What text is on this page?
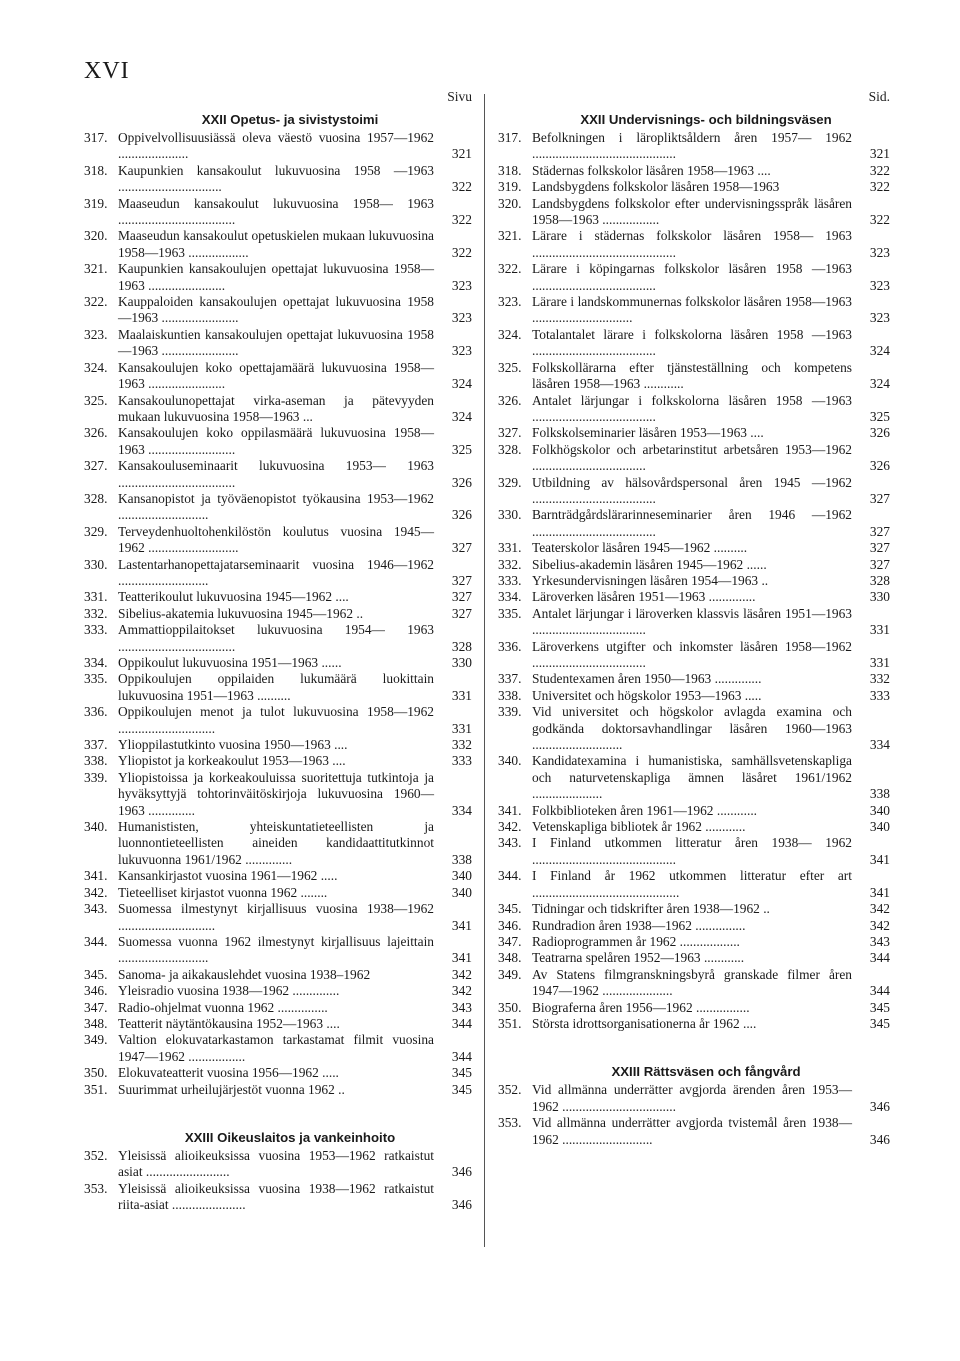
XVI
Sivu
XXII Opetus- ja sivistystoimi
317. Oppivelvollisuusiässä oleva väestö vuosina 1957—1962 .....................	321
318. Kaupunkien kansakoulut lukuvuosina 1958 —1963 ...............................	322
319. Maaseudun kansakoulut lukuvuosina 1958— 1963 ...................................	322
320. Maaseudun kansakoulut opetuskielen mukaan lukuvuosina 1958—1963 ..................	322
321. Kaupunkien kansakoulujen opettajat lukuvuosina 1958—1963 .......................	323
322. Kauppaloiden kansakoulujen opettajat lukuvuosina 1958—1963 .......................	323
323. Maalaiskuntien kansakoulujen opettajat lukuvuosina 1958—1963 .......................	323
324. Kansakoulujen koko opettajamäärä lukuvuosina 1958—1963 .......................	324
325. Kansakoulunopettajat virka-aseman ja pätevyyden mukaan lukuvuosina 1958—1963 ...	324
326. Kansakoulujen koko oppilasmäärä lukuvuosina 1958—1963 ..........................	325
327. Kansakouluseminaarit lukuvuosina 1953— 1963 ...................................	326
328. Kansanopistot ja työväenopistot työkausina 1953—1962 ...........................	326
329. Terveydenhuoltohenkilöstön koulutus vuosina 1945—1962 ...........................	327
330. Lastentarhanopettajatarseminaarit vuosina 1946—1962 ...........................	327
331. Teatterikoulut lukuvuosina 1945—1962 ....	327
332. Sibelius-akatemia lukuvuosina 1945—1962 ..	327
333. Ammattioppilaitokset lukuvuosina 1954— 1963 ...................................	328
334. Oppikoulut lukuvuosina 1951—1963 ......	330
335. Oppikoulujen oppilaiden lukumäärä luokittain lukuvuosina 1951—1963 ..........	331
336. Oppikoulujen menot ja tulot lukuvuosina 1958—1962 .............................	331
337. Ylioppilastutkinto vuosina 1950—1963 ....	332
338. Yliopistot ja korkeakoulut 1953—1963 ....	333
339. Yliopistoissa ja korkeakouluissa suoritettuja tutkintoja ja hyväksyttyjä tohtorinväitöskirjoja lukuvuosina 1960—1963 ..............	334
340. Humanististen, yhteiskuntatieteellisten ja luonnontieteellisten aineiden kandidaattitutkinnot lukuvuonna 1961/1962 ..............	338
341. Kansankirjastot vuosina 1961—1962 .....	340
342. Tieteelliset kirjastot vuonna 1962 ........	340
343. Suomessa ilmestynyt kirjallisuus vuosina 1938—1962 .............................	341
344. Suomessa vuonna 1962 ilmestynyt kirjallisuus lajeittain ...........................	341
345. Sanoma- ja aikakauslehdet vuosina 1938–1962	342
346. Yleisradio vuosina 1938—1962 ..............	342
347. Radio-ohjelmat vuonna 1962 ...............	343
348. Teatterit näytäntökausina 1952—1963 ....	344
349. Valtion elokuvatarkastamon tarkastamat filmit vuosina 1947—1962 .................	344
350. Elokuvateatterit vuosina 1956—1962 .....	345
351. Suurimmat urheilujärjestöt vuonna 1962 ..	345
XXIII Oikeuslaitos ja vankeinhoito
352. Yleisissä alioikeuksissa vuosina 1953—1962 ratkaistut asiat .........................	346
353. Yleisissä alioikeuksissa vuosina 1938—1962 ratkaistut riita-asiat ......................	346
Sid.
XXII Undervisnings- och bildningsväsen
317. Befolkningen i läropliktsåldern åren 1957— 1962 ...........................................	321
318. Städernas folkskolor läsåren 1958—1963 ....	322
319. Landsbygdens folkskolor läsåren 1958—1963	322
320. Landsbygdens folkskolor efter undervisningsspråk läsåren 1958—1963 .................	322
321. Lärare i städernas folkskolor läsåren 1958— 1963 ...........................................	323
322. Lärare i köpingarnas folkskolor läsåren 1958 —1963 .....................................	323
323. Lärare i landskommunernas folkskolor läsåren 1958—1963 ..............................	323
324. Totalantalet lärare i folkskolorna läsåren 1958 —1963 .....................................	324
325. Folkskollärarna efter tjänsteställning och kompetens läsåren 1958—1963 ............	324
326. Antalet lärjungar i folkskolorna läsåren 1958 —1963 .....................................	325
327. Folkskolseminarier läsåren 1953—1963 ....	326
328. Folkhögskolor och arbetarinstitut arbetsåren 1953—1962 ..................................	326
329. Utbildning av hälsovårdspersonal åren 1945 —1962 .....................................	327
330. Barnträdgårdslärarinneseminarier åren 1946 —1962 .....................................	327
331. Teaterskolor läsåren 1945—1962 ..........	327
332. Sibelius-akademin läsåren 1945—1962 ......	327
333. Yrkesundervisningen läsåren 1954—1963 ..	328
334. Läroverken läsåren 1951—1963 ..............	330
335. Antalet lärjungar i läroverken klassvis läsåren 1951—1963 ..................................	331
336. Läroverkens utgifter och inkomster läsåren 1958—1962 ..................................	331
337. Studentexamen åren 1950—1963 ..............	332
338. Universitet och högskolor 1953—1963 .....	333
339. Vid universitet och högskolor avlagda examina och godkända doktorsavhandlingar läsåren 1960—1963 ...........................	334
340. Kandidatexamina i humanistiska, samhällsvetenskapliga och naturvetenskapliga ämnen läsåret 1961/1962 .....................	338
341. Folkbiblioteken åren 1961—1962 ............	340
342. Vetenskapliga bibliotek år 1962 ............	340
343. I Finland utkommen litteratur åren 1938— 1962 ...........................................	341
344. I Finland år 1962 utkommen litteratur efter art ............................................	341
345. Tidningar och tidskrifter åren 1938—1962 ..	342
346. Rundradion åren 1938—1962 ...............	342
347. Radioprogrammen år 1962 ..................	343
348. Teatrarna spelåren 1952—1963 ............	344
349. Av Statens filmgranskningsbyrå granskade filmer åren 1947—1962 .....................	344
350. Biograferna åren 1956—1962 ................	345
351. Största idrottsorganisationerna år 1962 ....	345
XXIII Rättsväsen och fångvård
352. Vid allmänna underrätter avgjorda ärenden åren 1953—1962 ..................................	346
353. Vid allmänna underrätter avgjorda tvistemål åren 1938—1962 ...........................	346
